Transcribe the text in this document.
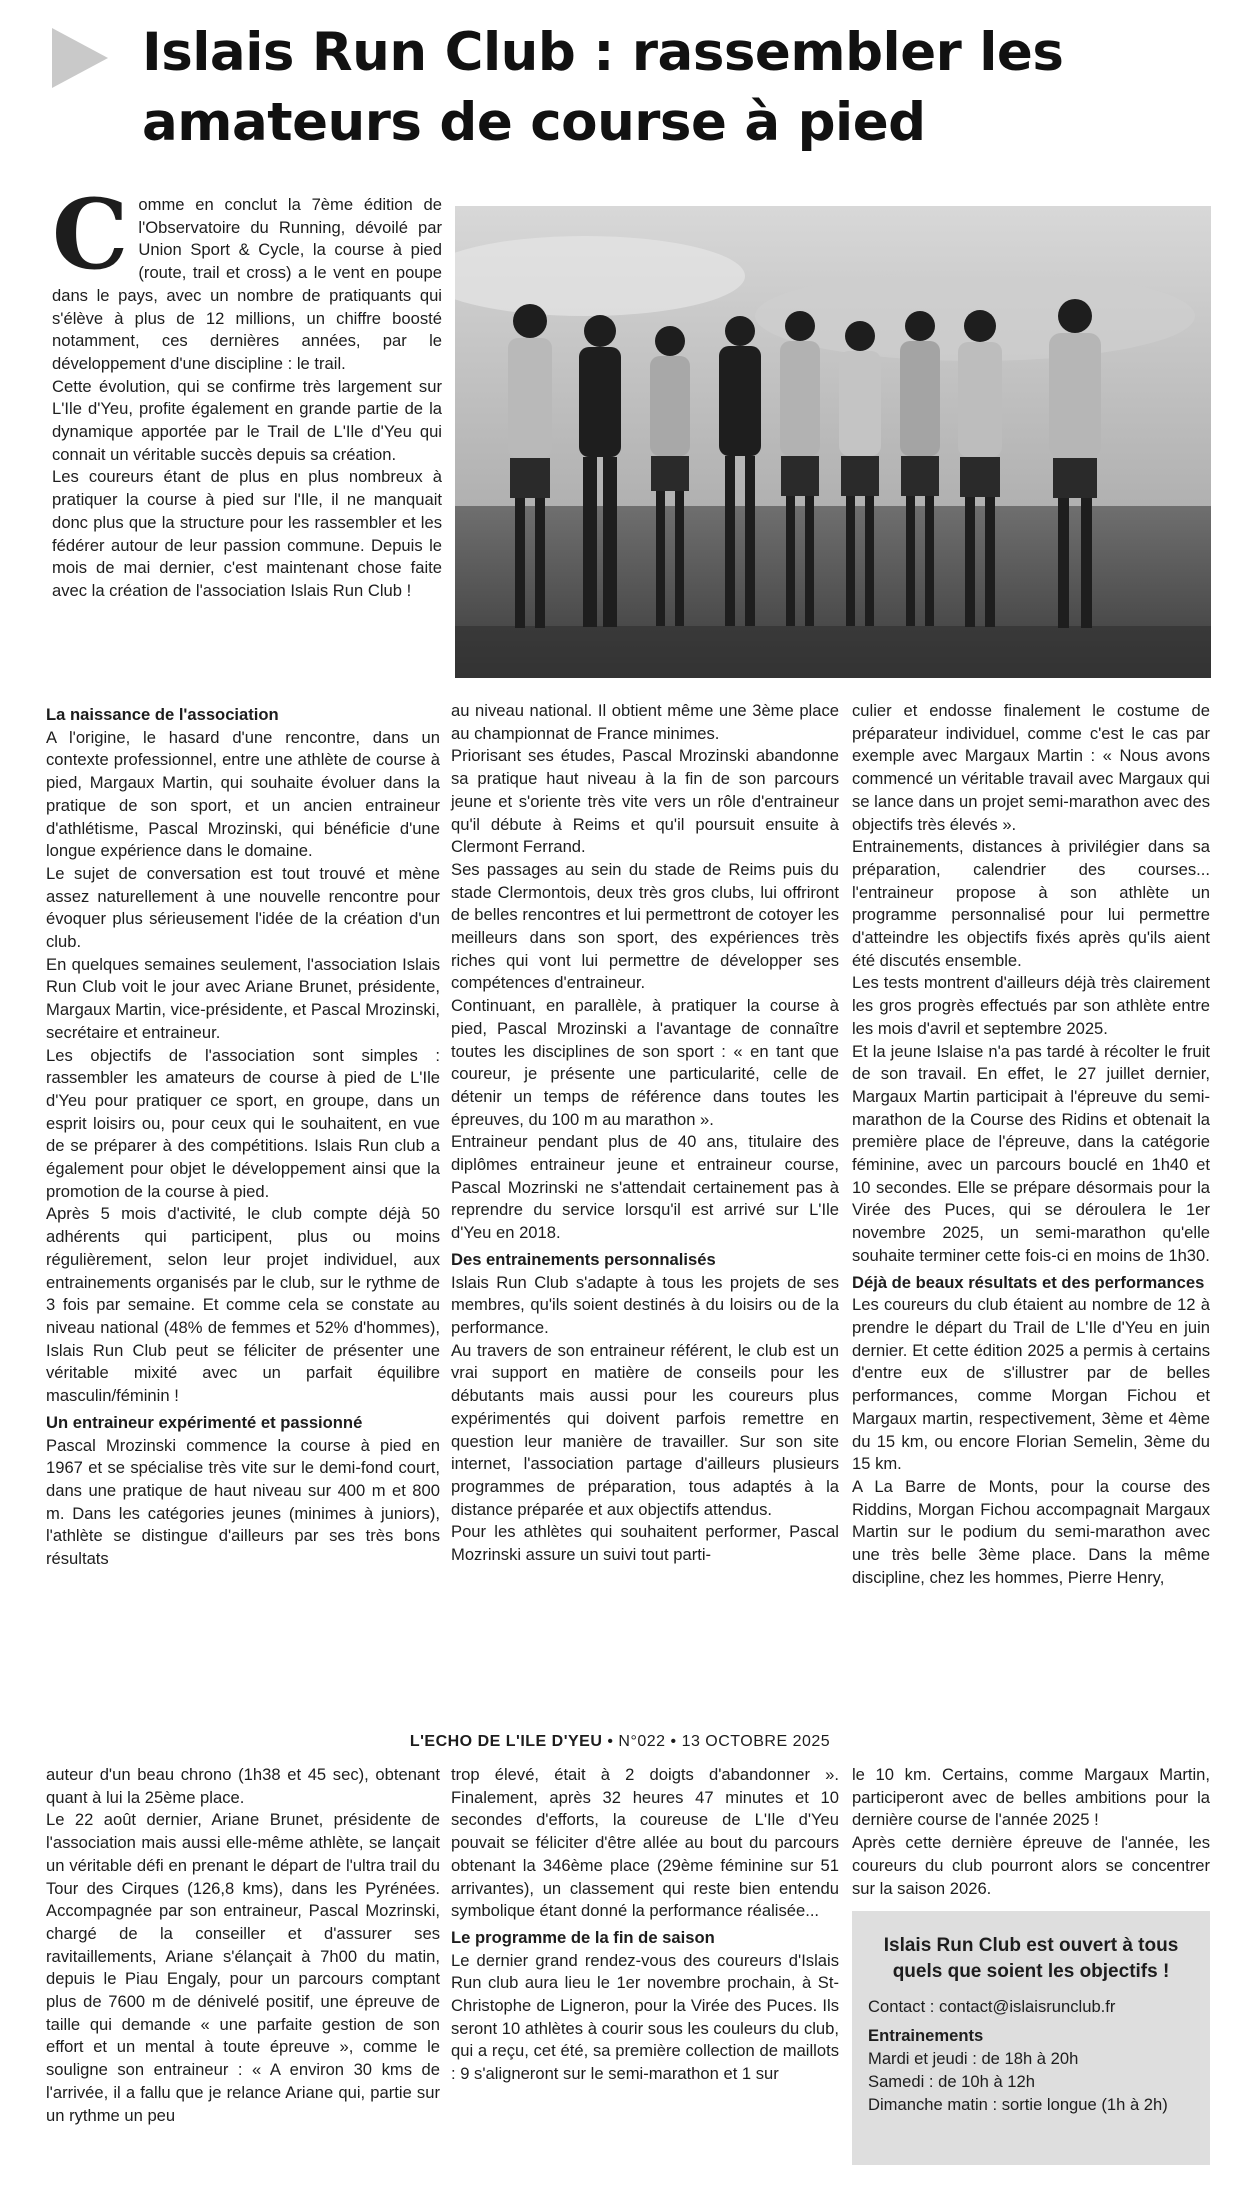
Islais Run Club : rassembler les amateurs de course à pied
C omme en conclut la 7ème édition de l'Observatoire du Running, dévoilé par Union Sport & Cycle, la course à pied (route, trail et cross) a le vent en poupe dans le pays, avec un nombre de pratiquants qui s'élève à plus de 12 millions, un chiffre boosté notamment, ces dernières années, par le développement d'une discipline : le trail.

Cette évolution, qui se confirme très largement sur L'Ile d'Yeu, profite également en grande partie de la dynamique apportée par le Trail de L'Ile d'Yeu qui connait un véritable succès depuis sa création.

Les coureurs étant de plus en plus nombreux à pratiquer la course à pied sur l'Ile, il ne manquait donc plus que la structure pour les rassembler et les fédérer autour de leur passion commune. Depuis le mois de mai dernier, c'est maintenant chose faite avec la création de l'association Islais Run Club !

La naissance de l'association

A l'origine, le hasard d'une rencontre, dans un contexte professionnel, entre une athlète de course à pied, Margaux Martin, qui souhaite évoluer dans la pratique de son sport, et un ancien entraineur d'athlétisme, Pascal Mrozinski, qui bénéficie d'une longue expérience dans le domaine.

Le sujet de conversation est tout trouvé et mène assez naturellement à une nouvelle rencontre pour évoquer plus sérieusement l'idée de la création d'un club.

En quelques semaines seulement, l'association Islais Run Club voit le jour avec Ariane Brunet, présidente, Margaux Martin, vice-présidente, et Pascal Mrozinski, secrétaire et entraineur.

Les objectifs de l'association sont simples : rassembler les amateurs de course à pied de L'Ile d'Yeu pour pratiquer ce sport, en groupe, dans un esprit loisirs ou, pour ceux qui le souhaitent, en vue de se préparer à des compétitions. Islais Run club a également pour objet le développement ainsi que la promotion de la course à pied.

Après 5 mois d'activité, le club compte déjà 50 adhérents qui participent, plus ou moins régulièrement, selon leur projet individuel, aux entrainements organisés par le club, sur le rythme de 3 fois par semaine. Et comme cela se constate au niveau national (48% de femmes et 52% d'hommes), Islais Run Club peut se féliciter de présenter une véritable mixité avec un parfait équilibre masculin/féminin !

Un entraineur expérimenté et passionné

Pascal Mrozinski commence la course à pied en 1967 et se spécialise très vite sur le demi-fond court, dans une pratique de haut niveau sur 400 m et 800 m. Dans les catégories jeunes (minimes à juniors), l'athlète se distingue d'ailleurs par ses très bons résultats

au niveau national. Il obtient même une 3ème place au championnat de France minimes.

Priorisant ses études, Pascal Mrozinski abandonne sa pratique haut niveau à la fin de son parcours jeune et s'oriente très vite vers un rôle d'entraineur qu'il débute à Reims et qu'il poursuit ensuite à Clermont Ferrand.

Ses passages au sein du stade de Reims puis du stade Clermontois, deux très gros clubs, lui offriront de belles rencontres et lui permettront de cotoyer les meilleurs dans son sport, des expériences très riches qui vont lui permettre de développer ses compétences d'entraineur.

Continuant, en parallèle, à pratiquer la course à pied, Pascal Mrozinski a l'avantage de connaître toutes les disciplines de son sport : « en tant que coureur, je présente une particularité, celle de détenir un temps de référence dans toutes les épreuves, du 100 m au marathon ».

Entraineur pendant plus de 40 ans, titulaire des diplômes entraineur jeune et entraineur course, Pascal Mozrinski ne s'attendait certainement pas à reprendre du service lorsqu'il est arrivé sur L'Ile d'Yeu en 2018.

Des entrainements personnalisés

Islais Run Club s'adapte à tous les projets de ses membres, qu'ils soient destinés à du loisirs ou de la performance.

Au travers de son entraineur référent, le club est un vrai support en matière de conseils pour les débutants mais aussi pour les coureurs plus expérimentés qui doivent parfois remettre en question leur manière de travailler. Sur son site internet, l'association partage d'ailleurs plusieurs programmes de préparation, tous adaptés à la distance préparée et aux objectifs attendus.

Pour les athlètes qui souhaitent performer, Pascal Mozrinski assure un suivi tout parti-

culier et endosse finalement le costume de préparateur individuel, comme c'est le cas par exemple avec Margaux Martin : « Nous avons commencé un véritable travail avec Margaux qui se lance dans un projet semi-marathon avec des objectifs très élevés ».

Entrainements, distances à privilégier dans sa préparation, calendrier des courses... l'entraineur propose à son athlète un programme personnalisé pour lui permettre d'atteindre les objectifs fixés après qu'ils aient été discutés ensemble.

Les tests montrent d'ailleurs déjà très clairement les gros progrès effectués par son athlète entre les mois d'avril et septembre 2025.

Et la jeune Islaise n'a pas tardé à récolter le fruit de son travail. En effet, le 27 juillet dernier, Margaux Martin participait à l'épreuve du semi-marathon de la Course des Ridins et obtenait la première place de l'épreuve, dans la catégorie féminine, avec un parcours bouclé en 1h40 et 10 secondes. Elle se prépare désormais pour la Virée des Puces, qui se déroulera le 1er novembre 2025, un semi-marathon qu'elle souhaite terminer cette fois-ci en moins de 1h30.

Déjà de beaux résultats et des performances

Les coureurs du club étaient au nombre de 12 à prendre le départ du Trail de L'Ile d'Yeu en juin dernier. Et cette édition 2025 a permis à certains d'entre eux de s'illustrer par de belles performances, comme Morgan Fichou et Margaux martin, respectivement, 3ème et 4ème du 15 km, ou encore Florian Semelin, 3ème du 15 km.

A La Barre de Monts, pour la course des Riddins, Morgan Fichou accompagnait Margaux Martin sur le podium du semi-marathon avec une très belle 3ème place. Dans la même discipline, chez les hommes, Pierre Henry,

L'ECHO DE L'ILE D'YEU • N°022 • 13 OCTOBRE 2025

auteur d'un beau chrono (1h38 et 45 sec), obtenant quant à lui la 25ème place.

Le 22 août dernier, Ariane Brunet, présidente de l'association mais aussi elle-même athlète, se lançait un véritable défi en prenant le départ de l'ultra trail du Tour des Cirques (126,8 kms), dans les Pyrénées. Accompagnée par son entraineur, Pascal Mozrinski, chargé de la conseiller et d'assurer ses ravitaillements, Ariane s'élançait à 7h00 du matin, depuis le Piau Engaly, pour un parcours comptant plus de 7600 m de dénivelé positif, une épreuve de taille qui demande « une parfaite gestion de son effort et un mental à toute épreuve », comme le souligne son entraineur : « A environ 30 kms de l'arrivée, il a fallu que je relance Ariane qui, partie sur un rythme un peu

trop élevé, était à 2 doigts d'abandonner ». Finalement, après 32 heures 47 minutes et 10 secondes d'efforts, la coureuse de L'Ile d'Yeu pouvait se féliciter d'être allée au bout du parcours obtenant la 346ème place (29ème féminine sur 51 arrivantes), un classement qui reste bien entendu symbolique étant donné la performance réalisée...

Le programme de la fin de saison

Le dernier grand rendez-vous des coureurs d'Islais Run club aura lieu le 1er novembre prochain, à St-Christophe de Ligneron, pour la Virée des Puces. Ils seront 10 athlètes à courir sous les couleurs du club, qui a reçu, cet été, sa première collection de maillots : 9 s'aligneront sur le semi-marathon et 1 sur

le 10 km. Certains, comme Margaux Martin, participeront avec de belles ambitions pour la dernière course de l'année 2025 !

Après cette dernière épreuve de l'année, les coureurs du club pourront alors se concentrer sur la saison 2026.

Islais Run Club est ouvert à tous quels que soient les objectifs !

Contact : contact@islaisrunclub.fr

Entrainements

Mardi et jeudi : de 18h à 20h

Samedi : de 10h à 12h

Dimanche matin : sortie longue (1h à 2h)
